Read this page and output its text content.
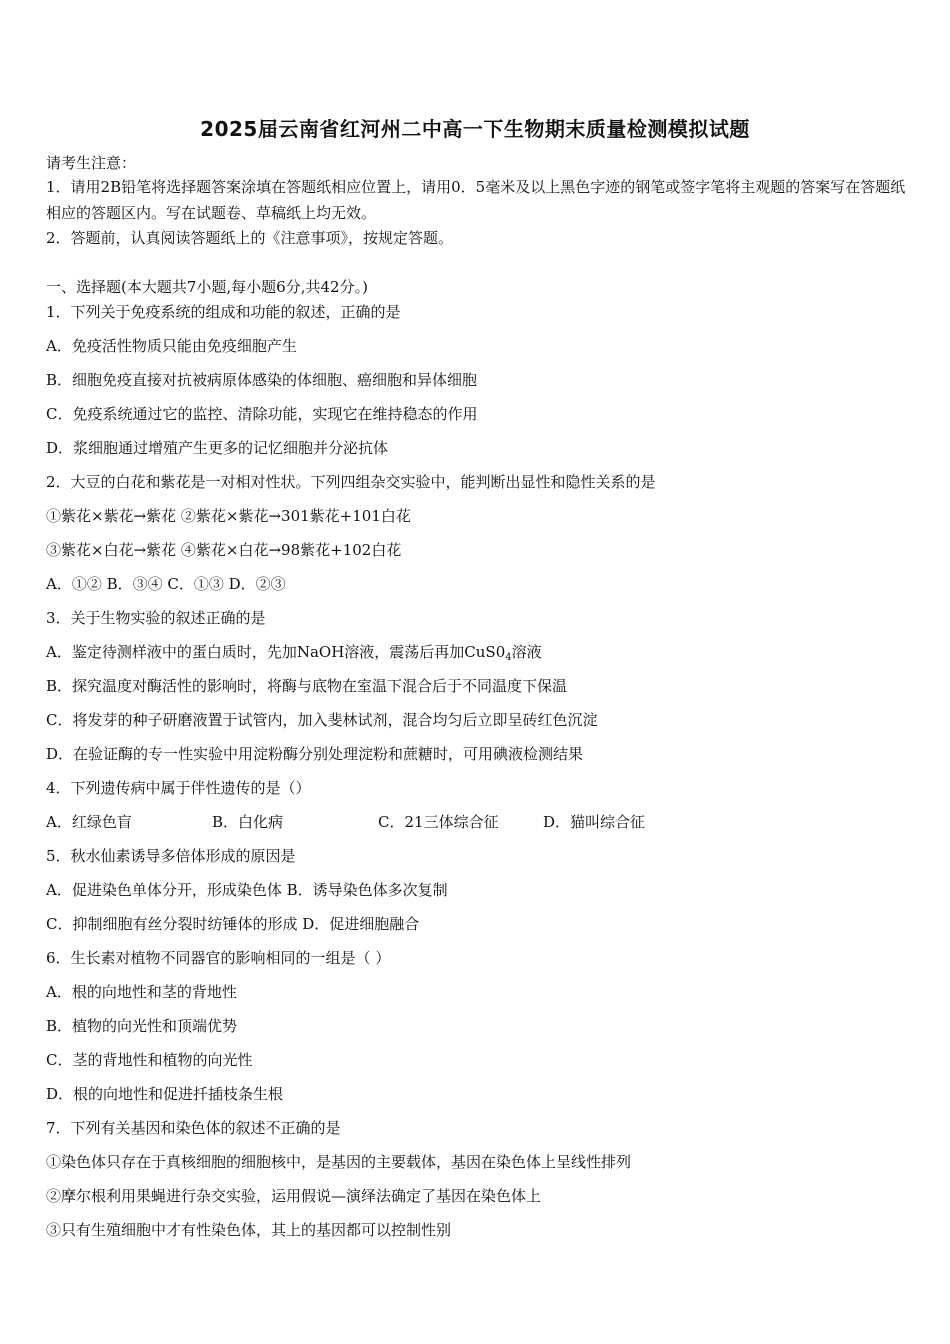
2025届云南省红河州二中高一下生物期末质量检测模拟试题
请考生注意：
1．请用2B铅笔将选择题答案涂填在答题纸相应位置上，请用0．5毫米及以上黑色字迹的钢笔或签字笔将主观题的答案写在答题纸相应的答题区内。写在试题卷、草稿纸上均无效。
2．答题前，认真阅读答题纸上的《注意事项》，按规定答题。
一、选择题(本大题共7小题,每小题6分,共42分。)
1．下列关于免疫系统的组成和功能的叙述，正确的是
A．免疫活性物质只能由免疫细胞产生
B．细胞免疫直接对抗被病原体感染的体细胞、癌细胞和异体细胞
C．免疫系统通过它的监控、清除功能，实现它在维持稳态的作用
D．浆细胞通过增殖产生更多的记忆细胞并分泌抗体
2．大豆的白花和紫花是一对相对性状。下列四组杂交实验中，能判断出显性和隐性关系的是
①紫花×紫花→紫花 ②紫花×紫花→301紫花+101白花
③紫花×白花→紫花 ④紫花×白花→98紫花+102白花
A．①② B．③④ C．①③ D．②③
3．关于生物实验的叙述正确的是
A．鉴定待测样液中的蛋白质时，先加NaOH溶液，震荡后再加$CuS0_4$溶液
B．探究温度对酶活性的影响时，将酶与底物在室温下混合后于不同温度下保温
C．将发芽的种子研磨液置于试管内，加入斐林试剂，混合均匀后立即呈砖红色沉淀
D．在验证酶的专一性实验中用淀粉酶分别处理淀粉和蔗糖时，可用碘液检测结果
4．下列遗传病中属于伴性遗传的是（）
A．红绿色盲	B．白化病	C．21三体综合征	D．猫叫综合征
5．秋水仙素诱导多倍体形成的原因是
A．促进染色单体分开，形成染色体 B．诱导染色体多次复制
C．抑制细胞有丝分裂时纺锤体的形成 D．促进细胞融合
6．生长素对植物不同器官的影响相同的一组是（ ）
A．根的向地性和茎的背地性
B．植物的向光性和顶端优势
C．茎的背地性和植物的向光性
D．根的向地性和促进扦插枝条生根
7．下列有关基因和染色体的叙述不正确的是
①染色体只存在于真核细胞的细胞核中，是基因的主要载体，基因在染色体上呈线性排列
②摩尔根利用果蝇进行杂交实验，运用假说—演绎法确定了基因在染色体上
③只有生殖细胞中才有性染色体，其上的基因都可以控制性别
